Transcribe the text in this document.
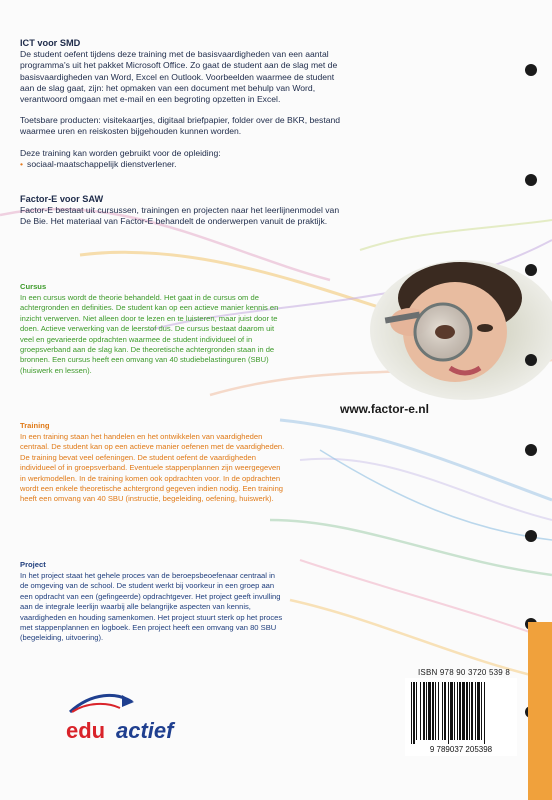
ICT voor SMD

De student oefent tijdens deze training met de basisvaardigheden van een aantal programma's uit het pakket Microsoft Office. Zo gaat de student aan de slag met de basisvaardigheden van Word, Excel en Outlook. Voorbeelden waarmee de student aan de slag gaat, zijn: het opmaken van een document met behulp van Word, verantwoord omgaan met e-mail en een begroting opzetten in Excel.

Toetsbare producten: visitekaartjes, digitaal briefpapier, folder over de BKR, bestand waarmee uren en reiskosten bijgehouden kunnen worden.

Deze training kan worden gebruikt voor de opleiding:

• sociaal-maatschappelijk dienstverlener.

Factor-E voor SAW

Factor-E bestaat uit cursussen, trainingen en projecten naar het leerlijnenmodel van De Bie. Het materiaal van Factor-E behandelt de onderwerpen vanuit de praktijk.

Cursus

In een cursus wordt de theorie behandeld. Het gaat in de cursus om de achtergronden en definities. De student kan op een actieve manier kennis en inzicht verwerven. Niet alleen door te lezen en te luisteren, maar juist door te doen. Actieve verwerking van de leerstof dus. De cursus bestaat daarom uit veel en gevarieerde opdrachten waarmee de student individueel of in groepsverband aan de slag kan. De theoretische achtergronden staan in de bronnen. Een cursus heeft een omvang van 40 studiebelastinguren (SBU) (huiswerk en lessen).

Training

In een training staan het handelen en het ontwikkelen van vaardigheden centraal. De student kan op een actieve manier oefenen met de vaardigheden. De training bevat veel oefeningen. De student oefent de vaardigheden individueel of in groepsverband. Eventuele stappenplannen zijn weergegeven in werkmodellen. In de training komen ook opdrachten voor. In de opdrachten wordt een enkele theoretische achtergrond gegeven indien nodig. Een training heeft een omvang van 40 SBU (instructie, begeleiding, oefening, huiswerk).

Project

In het project staat het gehele proces van de beroepsbeoefenaar centraal in de omgeving van de school. De student werkt bij voorkeur in een groep aan een opdracht van een (gefingeerde) opdrachtgever. Het project geeft invulling aan de integrale leerlijn waarbij alle belangrijke aspecten van kennis, vaardigheden en houding samenkomen. Het project stuurt sterk op het proces met stappenplannen en logboek. Een project heeft een omvang van 80 SBU (begeleiding, uitvoering).

www.factor-e.nl
ISBN 978 90 3720 539 8
9 789037 205398
edu actief
